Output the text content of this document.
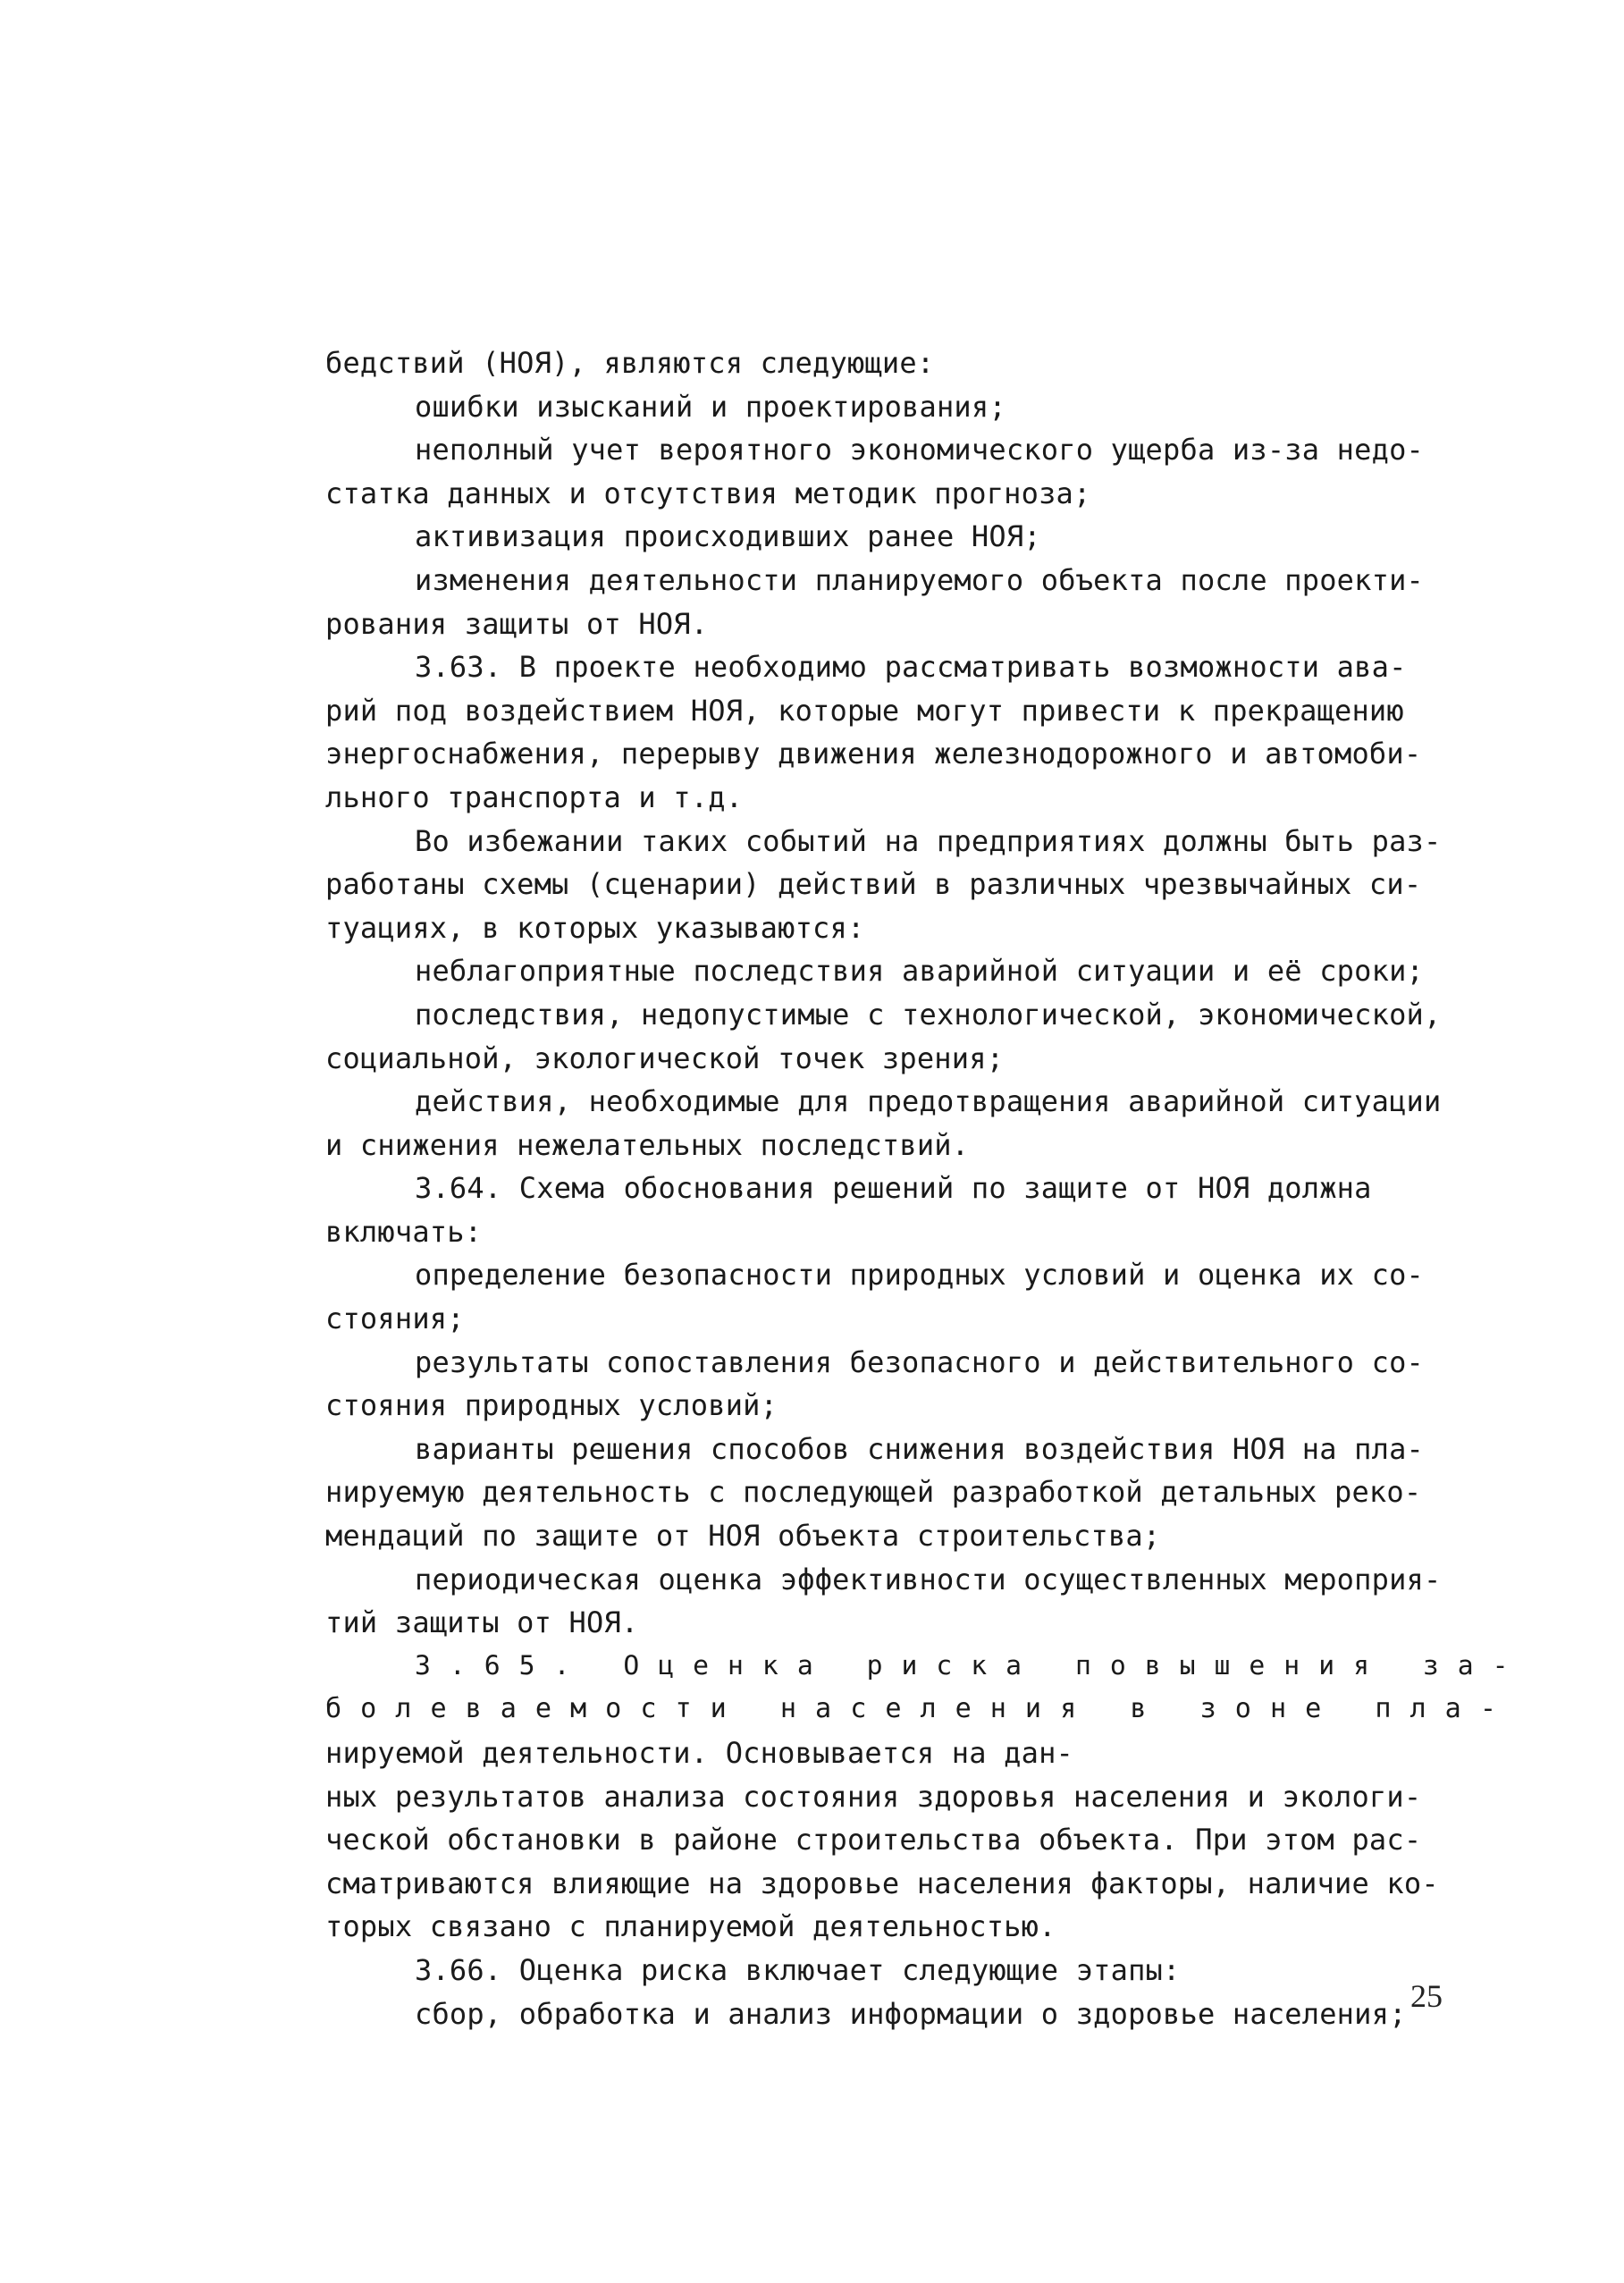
бедствий (НОЯ), являются следующие:
ошибки изысканий и проектирования;
неполный учет вероятного экономического ущерба из-за недо-
статка данных и отсутствия методик прогноза;
активизация происходивших ранее НОЯ;
изменения деятельности планируемого объекта после проекти-
рования защиты от НОЯ.
3.63. В проекте необходимо рассматривать возможности ава-
рий под воздействием НОЯ, которые могут привести к прекращению
энергоснабжения, перерыву движения железнодорожного и автомоби-
льного транспорта и т.д.
Во избежании таких событий на предприятиях должны быть раз-
работаны схемы (сценарии) действий в различных чрезвычайных си-
туациях, в которых указываются:
неблагоприятные последствия аварийной ситуации и её сроки;
последствия, недопустимые с технологической, экономической,
социальной, экологической точек зрения;
действия, необходимые для предотвращения аварийной ситуации
и снижения нежелательных последствий.
3.64. Схема обоснования решений по защите от НОЯ должна
включать:
определение безопасности природных условий и оценка их со-
стояния;
результаты сопоставления безопасного и действительного со-
стояния природных условий;
варианты решения способов снижения воздействия НОЯ на пла-
нируемую деятельность с последующей разработкой детальных реко-
мендаций по защите от НОЯ объекта строительства;
периодическая оценка эффективности осуществленных мероприя-
тий защиты от НОЯ.
3.65. Оценка риска повышения за-
болеваемости населения в зоне пла-
нируемой деятельности. Основывается на дан-
ных результатов анализа состояния здоровья населения и экологи-
ческой обстановки в районе строительства объекта. При этом рас-
сматриваются влияющие на здоровье населения факторы, наличие ко-
торых связано с планируемой деятельностью.
3.66. Оценка риска включает следующие этапы:
сбор, обработка и анализ информации о здоровье населения; 25
